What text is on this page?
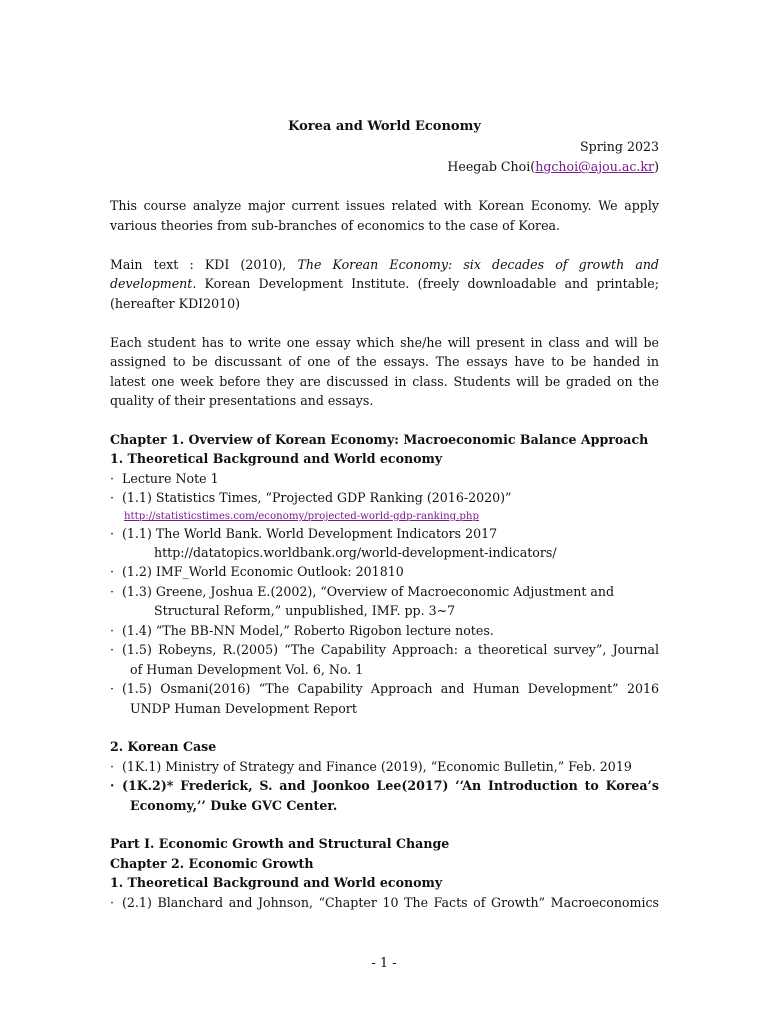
Korea and World Economy
Spring 2023
Heegab Choi(hgchoi@ajou.ac.kr)
This course analyze major current issues related with Korean Economy. We apply
various theories from sub-branches of economics to the case of Korea.
Main text : KDI (2010), The Korean Economy: six decades of growth and
development. Korean Development Institute. (freely downloadable and printable;
(hereafter KDI2010)
Each student has to write one essay which she/he will present in class and will be
assigned to be discussant of one of the essays. The essays have to be handed in
latest one week before they are discussed in class. Students will be graded on the
quality of their presentations and essays.
Chapter 1. Overview of Korean Economy: Macroeconomic Balance Approach
1. Theoretical Background and World economy
· Lecture Note 1
· (1.1) Statistics Times, “Projected GDP Ranking (2016-2020)”
http://statisticstimes.com/economy/projected-world-gdp-ranking.php
· (1.1) The World Bank. World Development Indicators 2017
http://datatopics.worldbank.org/world-development-indicators/
· (1.2) IMF_World Economic Outlook: 201810
· (1.3) Greene, Joshua E.(2002), “Overview of Macroeconomic Adjustment and
Structural Reform,” unpublished, IMF. pp. 3~7
· (1.4) “The BB-NN Model,” Roberto Rigobon lecture notes.
· (1.5) Robeyns, R.(2005) “The Capability Approach: a theoretical survey”, Journal
of Human Development Vol. 6, No. 1
· (1.5) Osmani(2016) “The Capability Approach and Human Development” 2016
UNDP Human Development Report
2. Korean Case
· (1K.1) Ministry of Strategy and Finance (2019), “Economic Bulletin,” Feb. 2019
· (1K.2)* Frederick, S. and Joonkoo Lee(2017) ‘‘An Introduction to Korea’s
Economy,’’ Duke GVC Center.
Part I. Economic Growth and Structural Change
Chapter 2. Economic Growth
1. Theoretical Background and World economy
· (2.1) Blanchard and Johnson, “Chapter 10 The Facts of Growth” Macroeconomics
- 1 -
